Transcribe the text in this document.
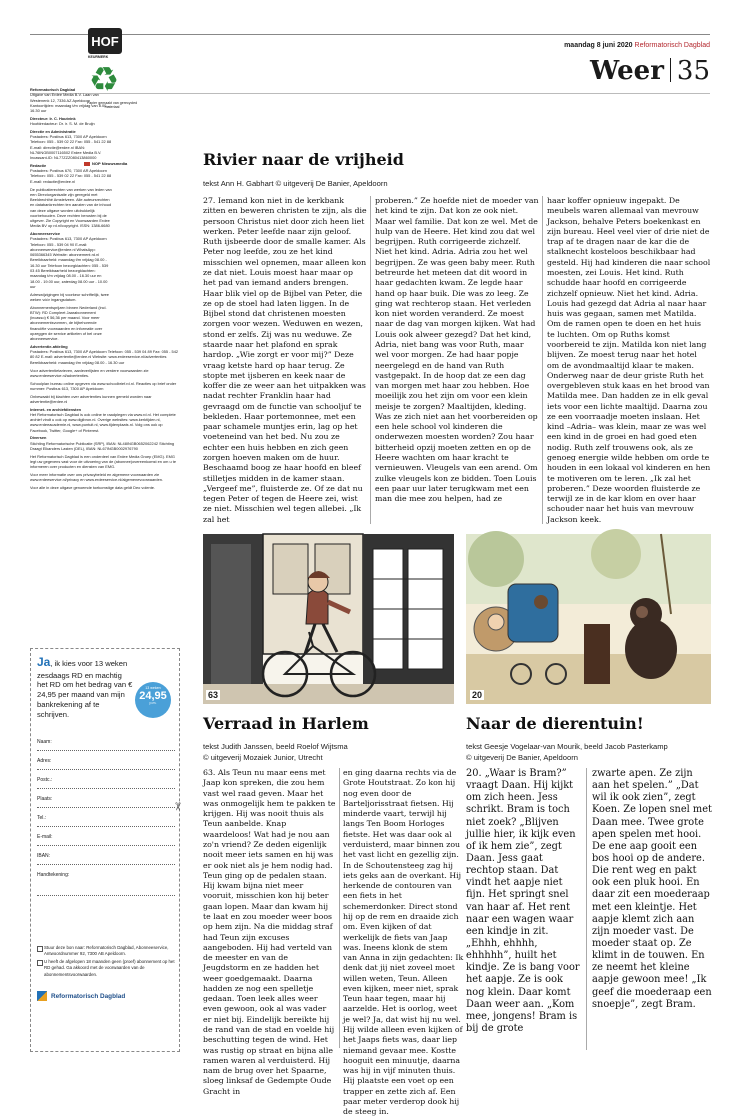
maandag 8 juni 2020 Reformatorisch Dagblad
Weer 35
Reformatorisch Dagblad
Uitgave van Erdee Media B.V. Laan van Westenenk 12, 7336 AZ Apeldoorn Kantoortijden: maandag t/m vrijdag van 8.00 – 16.30 uur
Directeur: Ir. C. Houtvink
Hoofdredacteur: Dr. ir. S. M. de Bruijn
Directie en Administratie
Postadres: Postbus 613, 7300 AP Apeldoorn Telefoon: 055 - 539 02 22 Fax: 055 - 541 22 88 E-mail: directie@erdee.nl IBAN: NL76INGB0007116502 Erdee Media B.V. Incassant-ID: NL77ZZZ080413860000
Redactie
Postadres: Postbus 670, 7300 AR Apeldoorn Telefoon: 055 - 539 02 22 Fax: 055 - 541 22 88 E-mail: redactie@erdee.nl
De publicatierechten van werken van leden van een Directorganisatie zijn geregeld met Beeldrechthé Amstelveen. Alle auteursrechten en databankrechten ten aanzien van de inhoud van deze uitgave worden uitdrukkelijk voorbehouden. Deze rechten berusten bij de uitgever. Zie Copyright en Voorwaarden Erdee Media BV op rd.nl/copyright. ISSN: 1386-6680
Abonneeservice
Postadres: Postbus 613, 7300 AP Apeldoorn Telefoon: 055 - 539 04 90 E-mail: abonneeservice@erdee.nl WhatsApp: 0655366345 Website: abonnement.rd.nl Bereikbaarheid: maandag t/m vrijdag 08.00 - 16.30 uur Telefoon bezorgklachten: 055 - 539 03 45 Bereikbaarheid bezorgklachten: maandag t/m vrijdag 08.00 - 16.30 uur en 18.00 - 19.00 uur, zaterdag 08.00 uur - 10.00 uur
Adreswijzigingen bij voorkeur schriftelijk, twee weken vóór ingangsdatum.
Abonnementsprijzen binnen Nederland (incl. BTW): RD Compleet Jaarabonnement (incasso) € 56,36 per maand. Voor meer abonnementsvormen, de bijbehorende financiële voorwaarden en informatie over opzeggen de service artikelen of bel onze abonneeservice.
Advertentie-afdeling
Postadres: Postbus 613, 7300 AP Apeldoorn Telefoon: 055 - 539 04 89 Fax: 055 - 542 80 82 E-mail: advertentie@erdee.nl Website: www.erdeeservice.nl/advertenties Bereikbaarheid: maandag t/m vrijdag 08.00 - 16.30 uur
Voor advertentietarieven, aanleverlijsten en verdere voorwaarden zie www.erdeeservice.nl/advertenties.
Schoolplan bureau online opgeven via www.schoolbrief.rd.nl. Reacties op brief onder nummer: Postbus 613, 7300 AP Apeldoorn
Onbewaakt bij klachten over advertenties kunnen gemeld worden naar advertentie@erdee.nl
Internet- en archiefdiensten
Het Reformatorisch Dagblad is ook online te raadplegen via www.rd.nl. Het complete archief vindt u ook op www.digibron.nl. Overige websites: www.kerktijden.nl, www.erdeeacademie.nl, www.puntuit.nl, www.tijdenplaats.nl. Volg ons ook op Facebook, Twitter, Google+ of Pinterest.
Diversen
Stichting Reformatorische Publicatie (SRP), IBAN: NL48INGB0652062242 Stichting Draagt Elkanders Lasten (DEL), IBAN: NL67INGB0002976790
Het Reformatorisch Dagblad is een onderdeel van Erdee Media Groep (EMG). EMG legt uw gegevens vast voor de uitvoering van de (abonnee)overeenkomst en om u te informeren over producten en diensten van EMG.
Voor meer informatie over ons privacybeleid en algemene voorwaarden zie www.erdeeservice.nl/privacy en www.erdeeservice.nl/algemenevoorwaarden.
Voor alle in deze uitgave genoemde toekomstige data geldt Deo volente.
HOF
KEURMERK
♻
Papier gemaakt van gerecycled materiaal
NOP Nieuwsmedia
Ja, ik kies voor 13 weken zesdaags RD en machtig het RD om het bedrag van € 24,95 per maand van mijn bankrekening af te schrijven.
13 weken
24,95
p.m.
Naam:
Adres:
Postc.:
Plaats:
Tel.:
E-mail:
IBAN:
Handtekening:

Stuur deze bon naar: Reformatorisch Dagblad, Abonneeservice, Antwoordnummer 92, 7300 AB Apeldoorn.

U heeft de afgelopen 18 maanden geen (proef) abonnement op het RD gehad. Ga akkoord met de voorwaarden van de abonnementsvoorwaarden.

Reformatorisch Dagblad
✂
Rivier naar de vrijheid
tekst Ann H. Gabhart © uitgeverij De Banier, Apeldoorn
27. Iemand kon niet in de kerkbank zitten en beweren christen te zijn, als die persoon Christus niet door zich heen liet werken. Peter leefde naar zijn geloof. Ruth ijsbeerde door de smalle kamer. Als Peter nog leefde, zou ze het kind misschien wel opnemen, maar alleen kon ze dat niet. Louis moest haar maar op het pad van iemand anders brengen. Haar blik viel op de Bijbel van Peter, die ze op de stoel had laten liggen. In de Bijbel stond dat christenen moesten zorgen voor wezen. Weduwen en wezen, stond er zelfs. Zij was nu weduwe. Ze staarde naar het plafond en sprak hardop. „Wie zorgt er voor mij?” Deze vraag ketste hard op haar terug. Ze stopte met ijsberen en keek naar de koffer die ze weer aan het uitpakken was nadat rechter Franklin haar had gevraagd om de functie van schooljuf te bekleden. Haar portemonnee, met een paar schamele muntjes erin, lag op het voeteneind van het bed. Nu zou ze echter een huis hebben en zich geen zorgen hoeven maken om de huur. Beschaamd boog ze haar hoofd en bleef stilletjes midden in de kamer staan. „Vergeef me”, fluisterde ze. Of ze dat nu tegen Peter of tegen de Heere zei, wist ze niet. Misschien wel tegen allebei. „Ik zal het
proberen.” Ze hoefde niet de moeder van het kind te zijn. Dat kon ze ook niet. Maar wel familie. Dat kon ze wel. Met de hulp van de Heere. Het kind zou dat wel begrijpen. Ruth corrigeerde zichzelf. Niet het kind. Adria. Adria zou het wel begrijpen. Ze was geen baby meer. Ruth betreurde het meteen dat dit woord in haar gedachten kwam. Ze legde haar hand op haar buik. Die was zo leeg. Ze ging wat rechterop staan. Het verleden kon niet worden veranderd. Ze moest naar de dag van morgen kijken. Wat had Louis ook alweer gezegd? Dat het kind, Adria, niet bang was voor Ruth, maar wel voor morgen. Ze had haar popje neergelegd en de hand van Ruth vastgepakt. In de hoop dat ze een dag van morgen met haar zou hebben. Hoe moeilijk zou het zijn om voor een klein meisje te zorgen? Maaltijden, kleding. Was ze zich niet aan het voorbereiden op een hele school vol kinderen die onderwezen moesten worden? Zou haar bitterheid opzij moeten zetten en op de Heere wachten om haar kracht te vernieuwen. Vleugels van een arend. Om zulke vleugels kon ze bidden. Toen Louis een paar uur later terugkwam met een man die mee zou helpen, had ze
haar koffer opnieuw ingepakt. De meubels waren allemaal van mevrouw Jackson, behalve Peters boekenkast en zijn bureau. Heel veel vier of drie niet de trap af te dragen naar de kar die de stalknecht kosteloos beschikbaar had gesteld. Hij had kinderen die naar school moesten, zei Louis. Het kind. Ruth schudde haar hoofd en corrigeerde zichzelf opnieuw. Niet het kind. Adria. Louis had gezegd dat Adria al naar haar huis was gegaan, samen met Matilda. Om de ramen open te doen en het huis te luchten. Om op Ruths komst voorbereid te zijn. Matilda kon niet lang blijven. Ze moest terug naar het hotel om de avondmaaltijd klaar te maken. Onderweg naar de deur griste Ruth het overgebleven stuk kaas en het brood van Matilda mee. Dan hadden ze in elk geval iets voor een lichte maaltijd. Daarna zou ze een voorraadje moeten inslaan. Het kind –Adria– was klein, maar ze was wel een kind in de groei en had goed eten nodig. Ruth zelf trouwens ook, als ze genoeg energie wilde hebben om orde te houden in een lokaal vol kinderen en hen te motiveren om te leren. „Ik zal het proberen.” Deze woorden fluisterde ze terwijl ze in de kar klom en over haar schouder naar het huis van mevrouw Jackson keek.
63	20
Verraad in Harlem
tekst Judith Janssen, beeld Roelof Wijtsma
© uitgeverij Mozaiek Junior, Utrecht
63. Als Teun nu maar eens met Jaap kon spreken, die zou hem vast wel raad geven. Maar het was onmogelijk hem te pakken te krijgen. Hij was nooit thuis als Teun aanbelde. Knap waardeloos! Wat had je nou aan zo'n vriend? Ze deden eigenlijk nooit meer iets samen en hij was er ook niet als je hem nodig had. Teun ging op de pedalen staan. Hij kwam bijna niet meer vooruit, misschien kon hij beter gaan lopen. Maar dan kwam hij te laat en zou moeder weer boos op hem zijn. Na die middag straf had Teun zijn excuses aangeboden. Hij had verteld van de meester en van de Jeugdstorm en ze hadden het weer goedgemaakt. Daarna hadden ze nog een spelletje gedaan. Toen leek alles weer even gewoon, ook al was vader er niet bij. Eindelijk bereikte hij de rand van de stad en voelde hij beschutting tegen de wind. Het was rustig op straat en bijna alle ramen waren al verduisterd. Hij nam de brug over het Spaarne, sloeg linksaf de Gedempte Oude Gracht in
en ging daarna rechts via de Grote Houtstraat. Zo kon hij nog even door de Barteljorisstraat fietsen. Hij minderde vaart, terwijl hij langs Ten Boom Horloges fietste. Het was daar ook al verduisterd, maar binnen zou het vast licht en gezellig zijn. In de Schoutensteeg zag hij iets geks aan de overkant. Hij herkende de contouren van een fiets in het schemerdonker. Direct stond hij op de rem en draaide zich om. Even kijken of dat werkelijk de fiets van Jaap was. Ineens klonk de stem van Anna in zijn gedachten: Ik denk dat jij niet zoveel moet willen weten, Teun. Alleen even kijken, meer niet, sprak Teun haar tegen, maar hij aarzelde. Het is oorlog, weet je wel? Ja, dat wist hij nu wel. Hij wilde alleen even kijken of het Jaaps fiets was, daar liep niemand gevaar mee. Kostte hooguit een minuutje, daarna was hij in vijf minuten thuis. Hij plaatste een voet op een trapper en zette zich af. Een paar meter verderop dook hij de steeg in.
Naar de dierentuin!
tekst Geesje Vogelaar-van Mourik, beeld Jacob Pasterkamp
© uitgeverij De Banier, Apeldoorn
20. „Waar is Bram?” vraagt Daan. Hij kijkt om zich heen. Jess schrikt. Bram is toch niet zoek? „Blijven jullie hier, ik kijk even of ik hem zie”, zegt Daan. Jess gaat rechtop staan. Dat vindt het aapje niet fijn. Het springt snel van haar af. Het rent naar een wagen waar een kindje in zit. „Ehhh, ehhhh, ehhhhh”, huilt het kindje. Ze is bang voor het aapje. Ze is ook nog klein. Daar komt Daan weer aan. „Kom mee, jongens! Bram is bij de grote
zwarte apen. Ze zijn aan het spelen.” „Dat wil ik ook zien”, zegt Koen. Ze lopen snel met Daan mee. Twee grote apen spelen met hooi. De ene aap gooit een bos hooi op de andere. Die rent weg en pakt ook een pluk hooi. En daar zit een moederaap met een kleintje. Het aapje klemt zich aan zijn moeder vast. De moeder staat op. Ze klimt in de touwen. En ze neemt het kleine aapje gewoon mee! „Ik geef die moederaap een snoepje”, zegt Bram.
